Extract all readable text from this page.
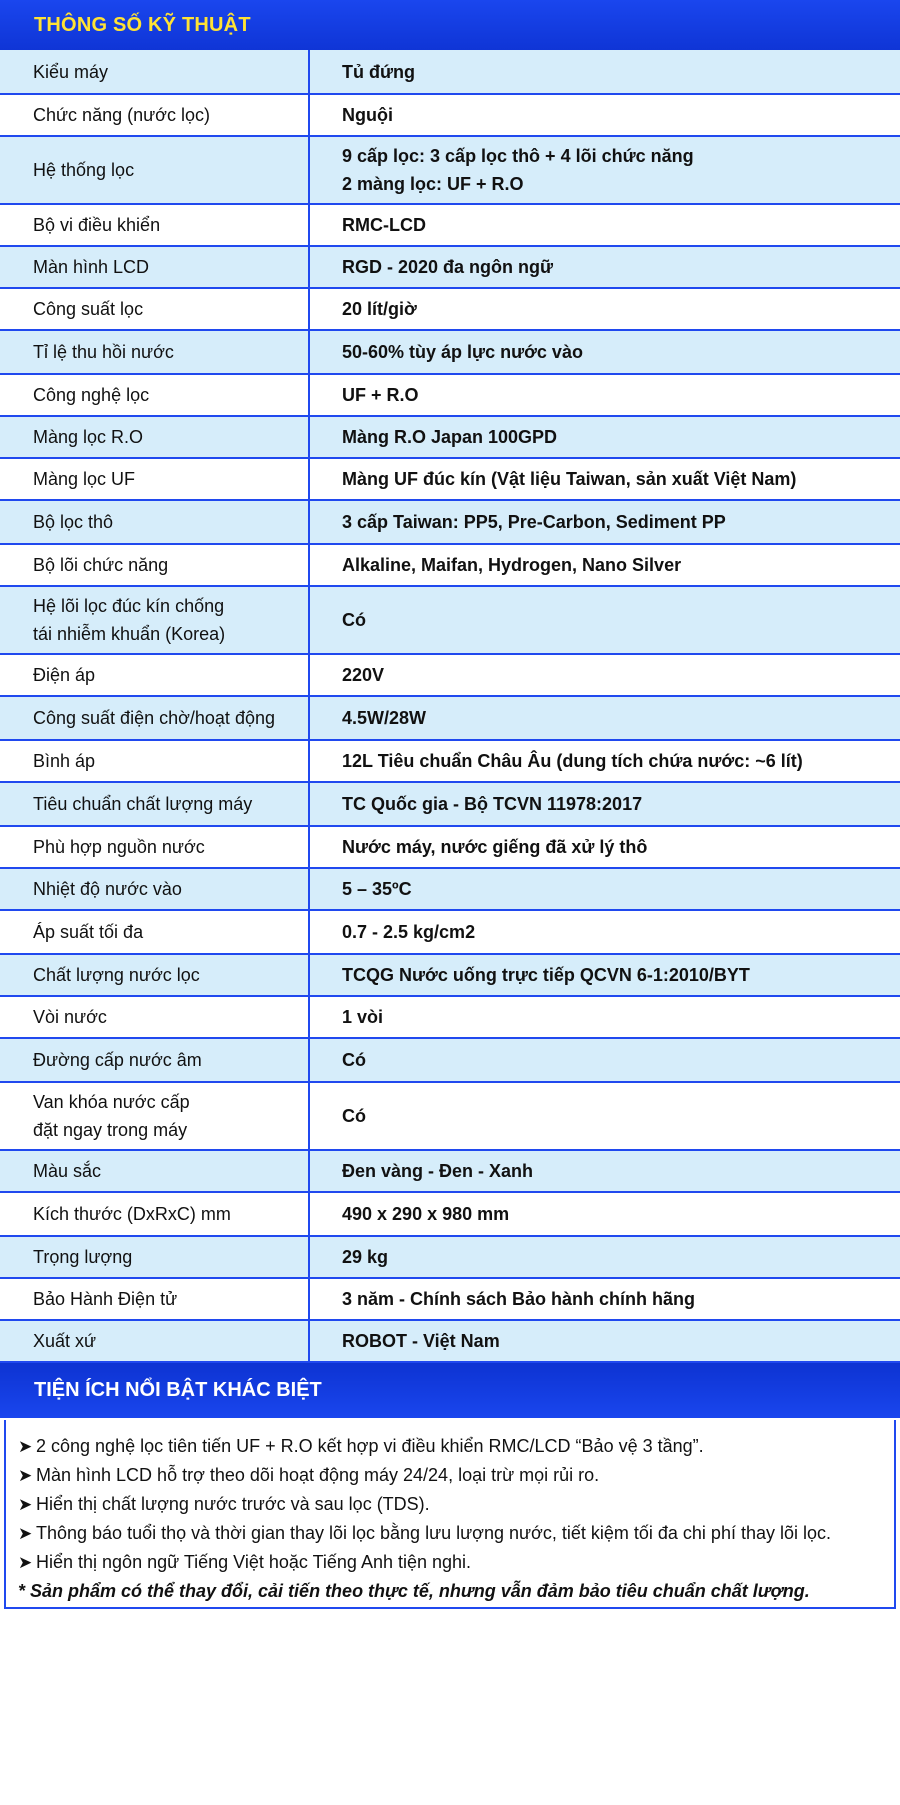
THÔNG SỐ KỸ THUẬT
Kiểu máy	Tủ đứng
Chức năng (nước lọc)	Nguội
Hệ thống lọc	9 cấp lọc: 3 cấp lọc thô + 4 lõi chức năng
2 màng lọc: UF + R.O
Bộ vi điều khiển	RMC-LCD
Màn hình LCD	RGD - 2020 đa ngôn ngữ
Công suất lọc	20 lít/giờ
Tỉ lệ thu hồi nước	50-60% tùy áp lực nước vào
Công nghệ lọc	UF + R.O
Màng lọc R.O	Màng R.O Japan 100GPD
Màng lọc UF	Màng UF đúc kín (Vật liệu Taiwan, sản xuất Việt Nam)
Bộ lọc thô	3 cấp Taiwan: PP5, Pre-Carbon, Sediment PP
Bộ lõi chức năng	Alkaline, Maifan, Hydrogen, Nano Silver
Hệ lõi lọc đúc kín chống
tái nhiễm khuẩn (Korea)	Có
Điện áp	220V
Công suất điện chờ/hoạt động	4.5W/28W
Bình áp	12L Tiêu chuẩn Châu Âu (dung tích chứa nước: ~6 lít)
Tiêu chuẩn chất lượng máy	TC Quốc gia - Bộ TCVN 11978:2017
Phù hợp nguồn nước	Nước máy, nước giếng đã xử lý thô
Nhiệt độ nước vào	5 – 35ºC
Áp suất tối đa	0.7 - 2.5 kg/cm2
Chất lượng nước lọc	TCQG Nước uống trực tiếp QCVN 6-1:2010/BYT
Vòi nước	1 vòi
Đường cấp nước âm	Có
Van khóa nước cấp
đặt ngay trong máy	Có
Màu sắc	Đen vàng - Đen - Xanh
Kích thước (DxRxC) mm	490 x 290 x 980 mm
Trọng lượng	29 kg
Bảo Hành Điện tử	3 năm - Chính sách Bảo hành chính hãng
Xuất xứ	ROBOT - Việt Nam
TIỆN ÍCH NỔI BẬT KHÁC BIỆT
➤ 2 công nghệ lọc tiên tiến UF + R.O kết hợp vi điều khiển RMC/LCD “Bảo vệ 3 tầng”.
➤ Màn hình LCD hỗ trợ theo dõi hoạt động máy 24/24, loại trừ mọi rủi ro.
➤ Hiển thị chất lượng nước trước và sau lọc (TDS).
➤ Thông báo tuổi thọ và thời gian thay lõi lọc bằng lưu lượng nước, tiết kiệm tối đa chi phí thay lõi lọc.
➤ Hiển thị ngôn ngữ Tiếng Việt hoặc Tiếng Anh tiện nghi.
* Sản phẩm có thể thay đổi, cải tiến theo thực tế, nhưng vẫn đảm bảo tiêu chuẩn chất lượng.
